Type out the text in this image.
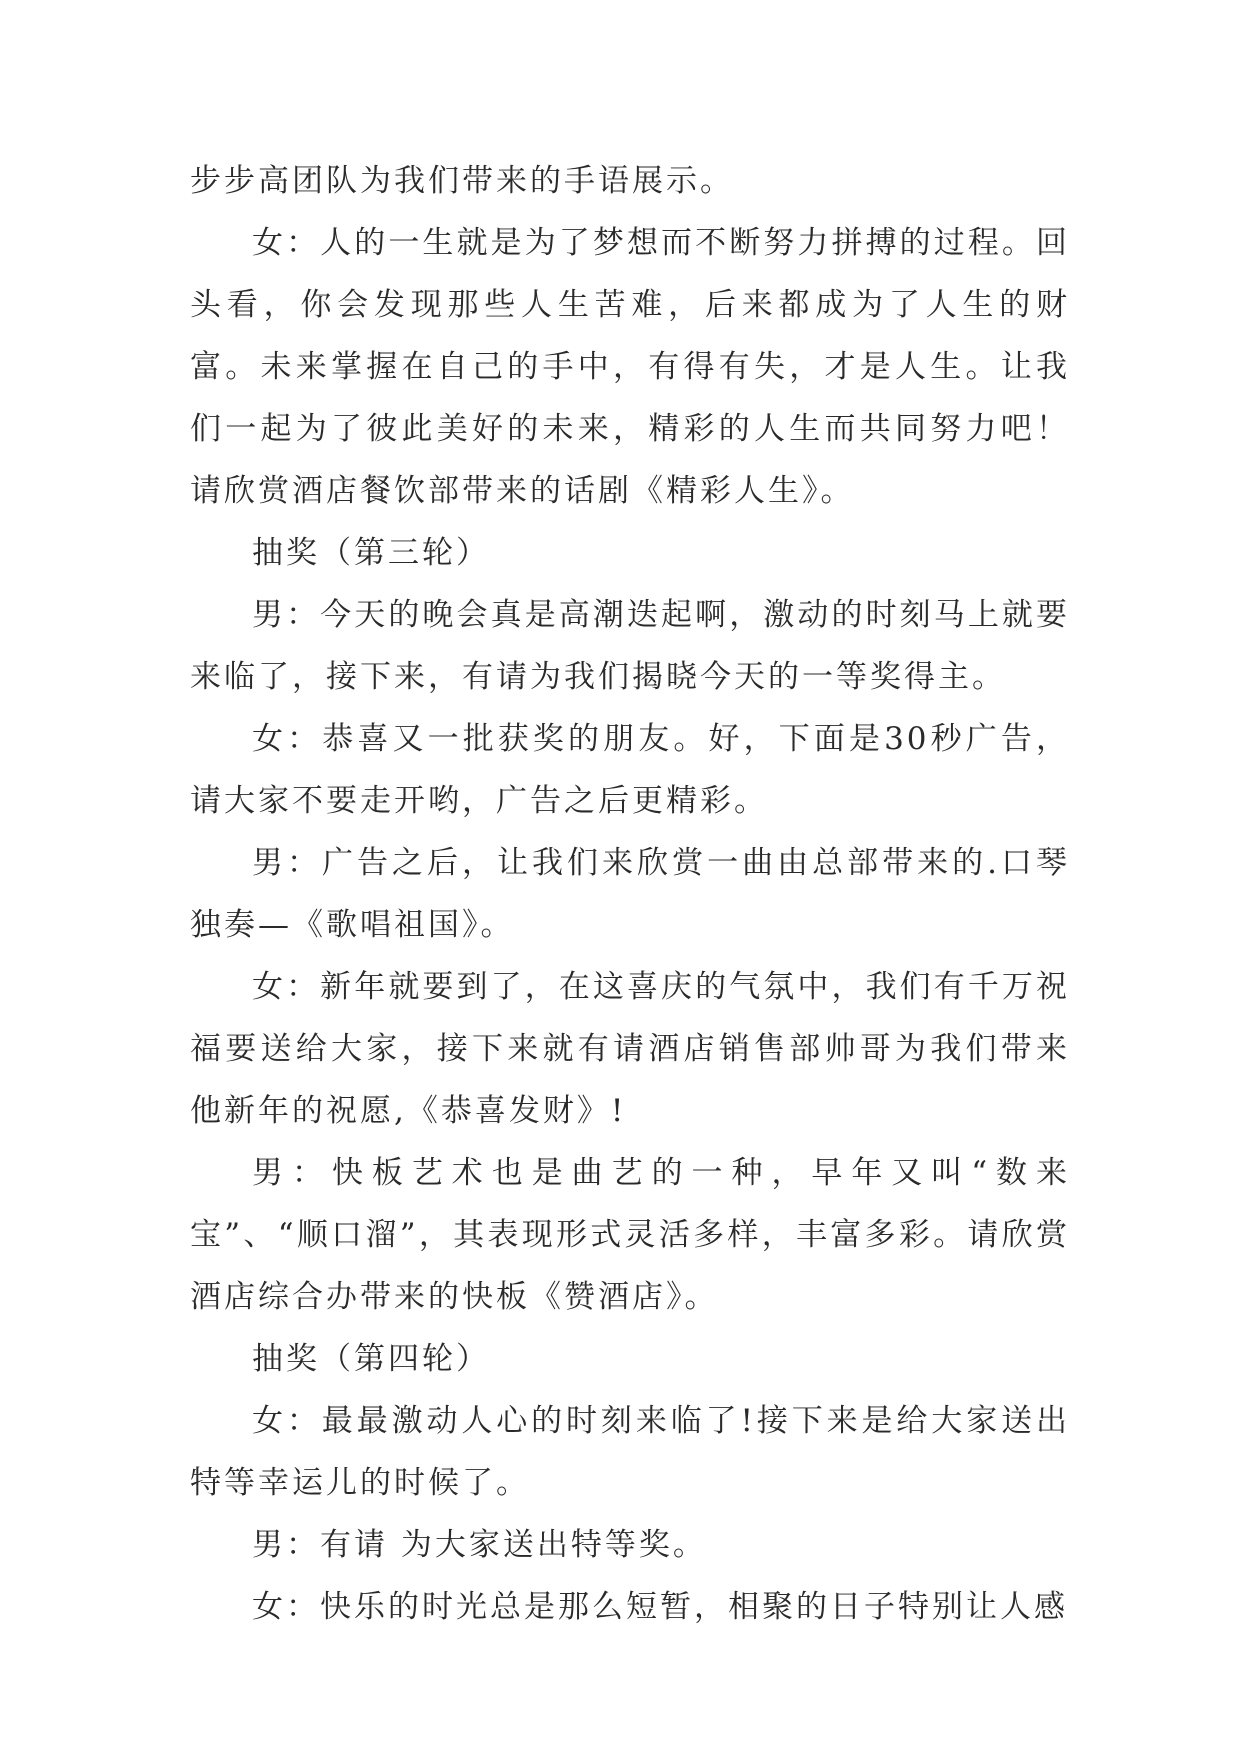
步步高团队为我们带来的手语展示。

女：人的一生就是为了梦想而不断努力拼搏的过程。回头看，你会发现那些人生苦难，后来都成为了人生的财富。未来掌握在自己的手中，有得有失，才是人生。让我们一起为了彼此美好的未来，精彩的人生而共同努力吧！请欣赏酒店餐饮部带来的话剧《精彩人生》。

抽奖（第三轮）

男：今天的晚会真是高潮迭起啊，激动的时刻马上就要来临了，接下来，有请为我们揭晓今天的一等奖得主。

女：恭喜又一批获奖的朋友。好，下面是30秒广告，请大家不要走开哟，广告之后更精彩。

男：广告之后，让我们来欣赏一曲由总部带来的.口琴独奏—《歌唱祖国》。

女：新年就要到了，在这喜庆的气氛中，我们有千万祝福要送给大家，接下来就有请酒店销售部帅哥为我们带来他新年的祝愿,《恭喜发财》!

男：快板艺术也是曲艺的一种，早年又叫“数来宝”、“顺口溜”，其表现形式灵活多样，丰富多彩。请欣赏酒店综合办带来的快板《赞酒店》。

抽奖（第四轮）

女：最最激动人心的时刻来临了!接下来是给大家送出特等幸运儿的时候了。

男：有请 为大家送出特等奖。

女：快乐的时光总是那么短暂，相聚的日子特别让人感
